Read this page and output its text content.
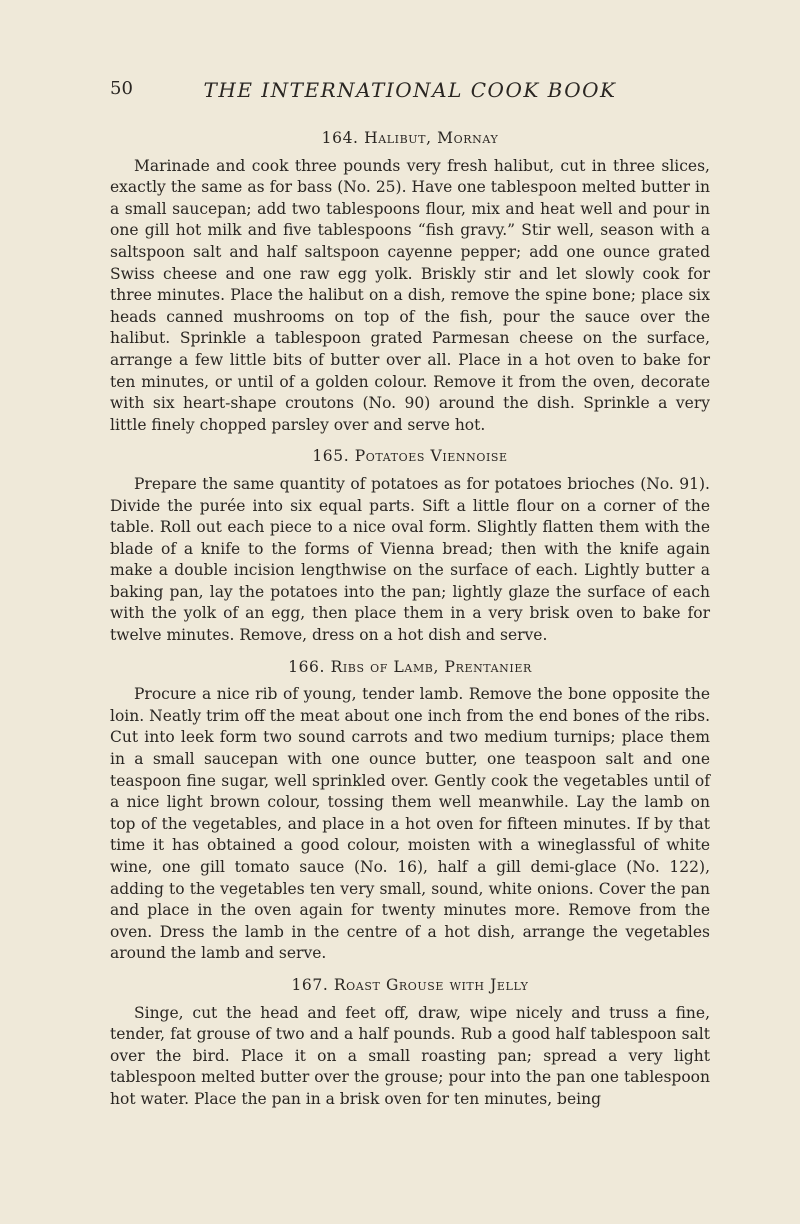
50	THE INTERNATIONAL COOK BOOK
164. Halibut, Mornay

Marinade and cook three pounds very fresh halibut, cut in three slices, exactly the same as for bass (No. 25). Have one tablespoon melted butter in a small saucepan; add two tablespoons flour, mix and heat well and pour in one gill hot milk and five tablespoons “fish gravy.” Stir well, season with a saltspoon salt and half saltspoon cayenne pepper; add one ounce grated Swiss cheese and one raw egg yolk. Briskly stir and let slowly cook for three minutes. Place the halibut on a dish, remove the spine bone; place six heads canned mushrooms on top of the fish, pour the sauce over the halibut. Sprinkle a tablespoon grated Parmesan cheese on the surface, arrange a few little bits of butter over all. Place in a hot oven to bake for ten minutes, or until of a golden colour. Remove it from the oven, decorate with six heart-shape croutons (No. 90) around the dish. Sprinkle a very little finely chopped parsley over and serve hot.

165. Potatoes Viennoise

Prepare the same quantity of potatoes as for potatoes brioches (No. 91). Divide the purée into six equal parts. Sift a little flour on a corner of the table. Roll out each piece to a nice oval form. Slightly flatten them with the blade of a knife to the forms of Vienna bread; then with the knife again make a double incision lengthwise on the surface of each. Lightly butter a baking pan, lay the potatoes into the pan; lightly glaze the surface of each with the yolk of an egg, then place them in a very brisk oven to bake for twelve minutes. Remove, dress on a hot dish and serve.

166. Ribs of Lamb, Prentanier

Procure a nice rib of young, tender lamb. Remove the bone opposite the loin. Neatly trim off the meat about one inch from the end bones of the ribs. Cut into leek form two sound carrots and two medium turnips; place them in a small saucepan with one ounce butter, one teaspoon salt and one teaspoon fine sugar, well sprinkled over. Gently cook the vegetables until of a nice light brown colour, tossing them well meanwhile. Lay the lamb on top of the vegetables, and place in a hot oven for fifteen minutes. If by that time it has obtained a good colour, moisten with a wineglassful of white wine, one gill tomato sauce (No. 16), half a gill demi-glace (No. 122), adding to the vegetables ten very small, sound, white onions. Cover the pan and place in the oven again for twenty minutes more. Remove from the oven. Dress the lamb in the centre of a hot dish, arrange the vegetables around the lamb and serve.

167. Roast Grouse with Jelly

Singe, cut the head and feet off, draw, wipe nicely and truss a fine, tender, fat grouse of two and a half pounds. Rub a good half tablespoon salt over the bird. Place it on a small roasting pan; spread a very light tablespoon melted butter over the grouse; pour into the pan one tablespoon hot water. Place the pan in a brisk oven for ten minutes, being
